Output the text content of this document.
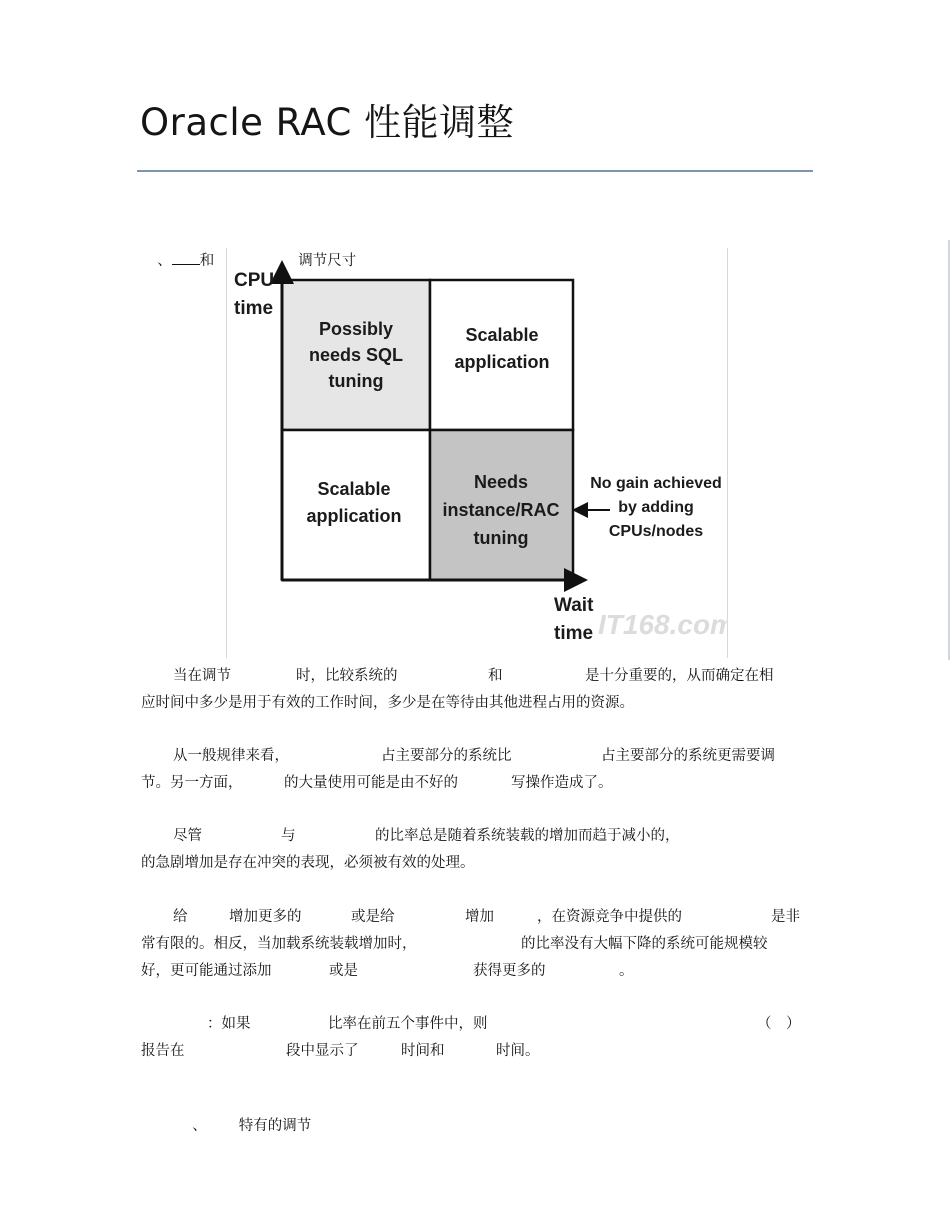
Oracle RAC 性能调整

、 和	调节尺寸

CPU
time
Possibly
needs SQL
tuning
Scalable
application
Scalable
application
Needs
instance/RAC
tuning
No gain achieved
by adding
CPUs/nodes
Wait
time IT168.com
当在调节	时，比较系统的	和	是十分重要的，从而确定在相
应时间中多少是用于有效的工作时间，多少是在等待由其他进程占用的资源。
从一般规律来看，	占主要部分的系统比	占主要部分的系统更需要调
节。另一方面，	的大量使用可能是由不好的	写操作造成了。
尽管	与	的比率总是随着系统装载的增加而趋于减小的，
的急剧增加是存在冲突的表现，必须被有效的处理。
给	增加更多的	或是给	增加	，在资源竞争中提供的	是非
常有限的。相反，当加载系统装载增加时，	的比率没有大幅下降的系统可能规模较
好，更可能通过添加	或是	获得更多的	。
：如果	比率在前五个事件中，则	（　）
报告在	段中显示了	时间和	时间。

、 特有的调节
